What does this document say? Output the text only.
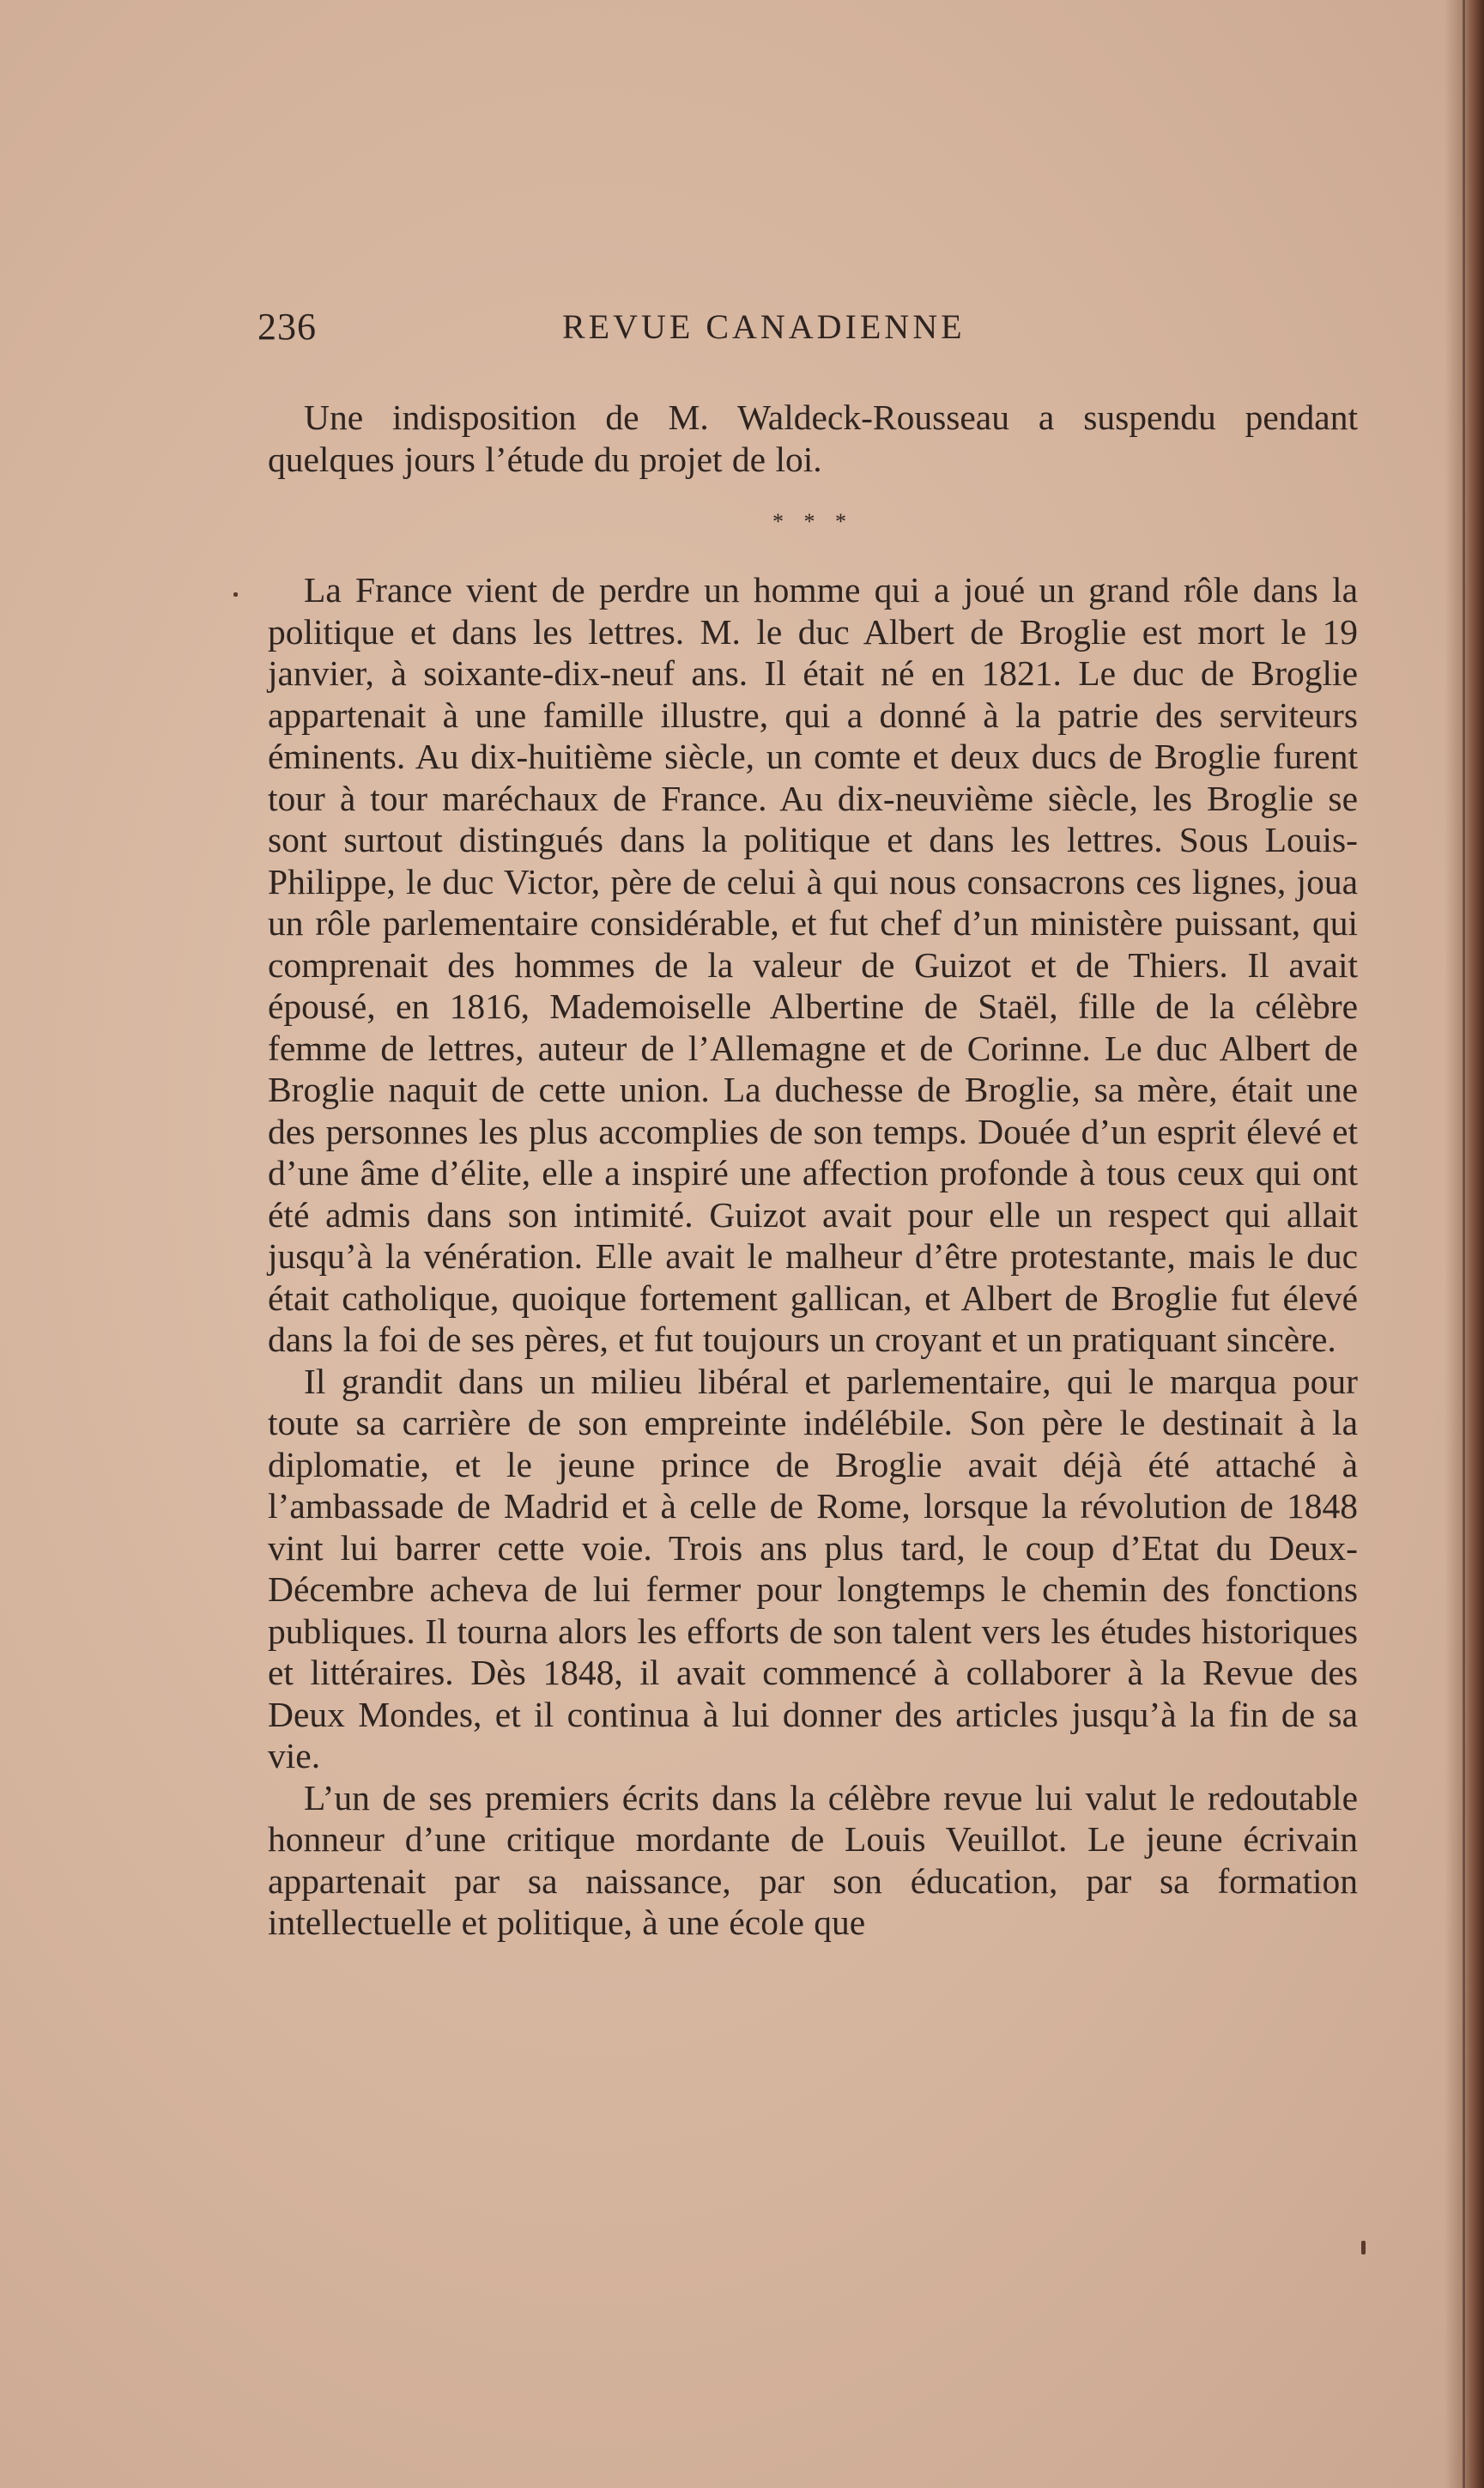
236	REVUE CANADIENNE

Une indisposition de M. Waldeck-Rousseau a suspendu pendant quelques jours l’étude du projet de loi.

* * *

La France vient de perdre un homme qui a joué un grand rôle dans la politique et dans les lettres. M. le duc Albert de Broglie est mort le 19 janvier, à soixante-dix-neuf ans. Il était né en 1821. Le duc de Broglie appartenait à une famille illustre, qui a donné à la patrie des serviteurs éminents. Au dix-huitième siècle, un comte et deux ducs de Broglie furent tour à tour maréchaux de France. Au dix-neuvième siècle, les Broglie se sont surtout distingués dans la politique et dans les lettres. Sous Louis-Philippe, le duc Victor, père de celui à qui nous consacrons ces lignes, joua un rôle parlementaire considérable, et fut chef d’un ministère puissant, qui comprenait des hommes de la valeur de Guizot et de Thiers. Il avait épousé, en 1816, Mademoiselle Albertine de Staël, fille de la célèbre femme de lettres, auteur de l’Allemagne et de Corinne. Le duc Albert de Broglie naquit de cette union. La duchesse de Broglie, sa mère, était une des personnes les plus accomplies de son temps. Douée d’un esprit élevé et d’une âme d’élite, elle a inspiré une affection profonde à tous ceux qui ont été admis dans son intimité. Guizot avait pour elle un respect qui allait jusqu’à la vénération. Elle avait le malheur d’être protestante, mais le duc était catholique, quoique fortement gallican, et Albert de Broglie fut élevé dans la foi de ses pères, et fut toujours un croyant et un pratiquant sincère.

Il grandit dans un milieu libéral et parlementaire, qui le marqua pour toute sa carrière de son empreinte indélébile. Son père le destinait à la diplomatie, et le jeune prince de Broglie avait déjà été attaché à l’ambassade de Madrid et à celle de Rome, lorsque la révolution de 1848 vint lui barrer cette voie. Trois ans plus tard, le coup d’Etat du Deux-Décembre acheva de lui fermer pour longtemps le chemin des fonctions publiques. Il tourna alors les efforts de son talent vers les études historiques et littéraires. Dès 1848, il avait commencé à collaborer à la Revue des Deux Mondes, et il continua à lui donner des articles jusqu’à la fin de sa vie.

L’un de ses premiers écrits dans la célèbre revue lui valut le redoutable honneur d’une critique mordante de Louis Veuillot. Le jeune écrivain appartenait par sa naissance, par son éducation, par sa formation intellectuelle et politique, à une école que
